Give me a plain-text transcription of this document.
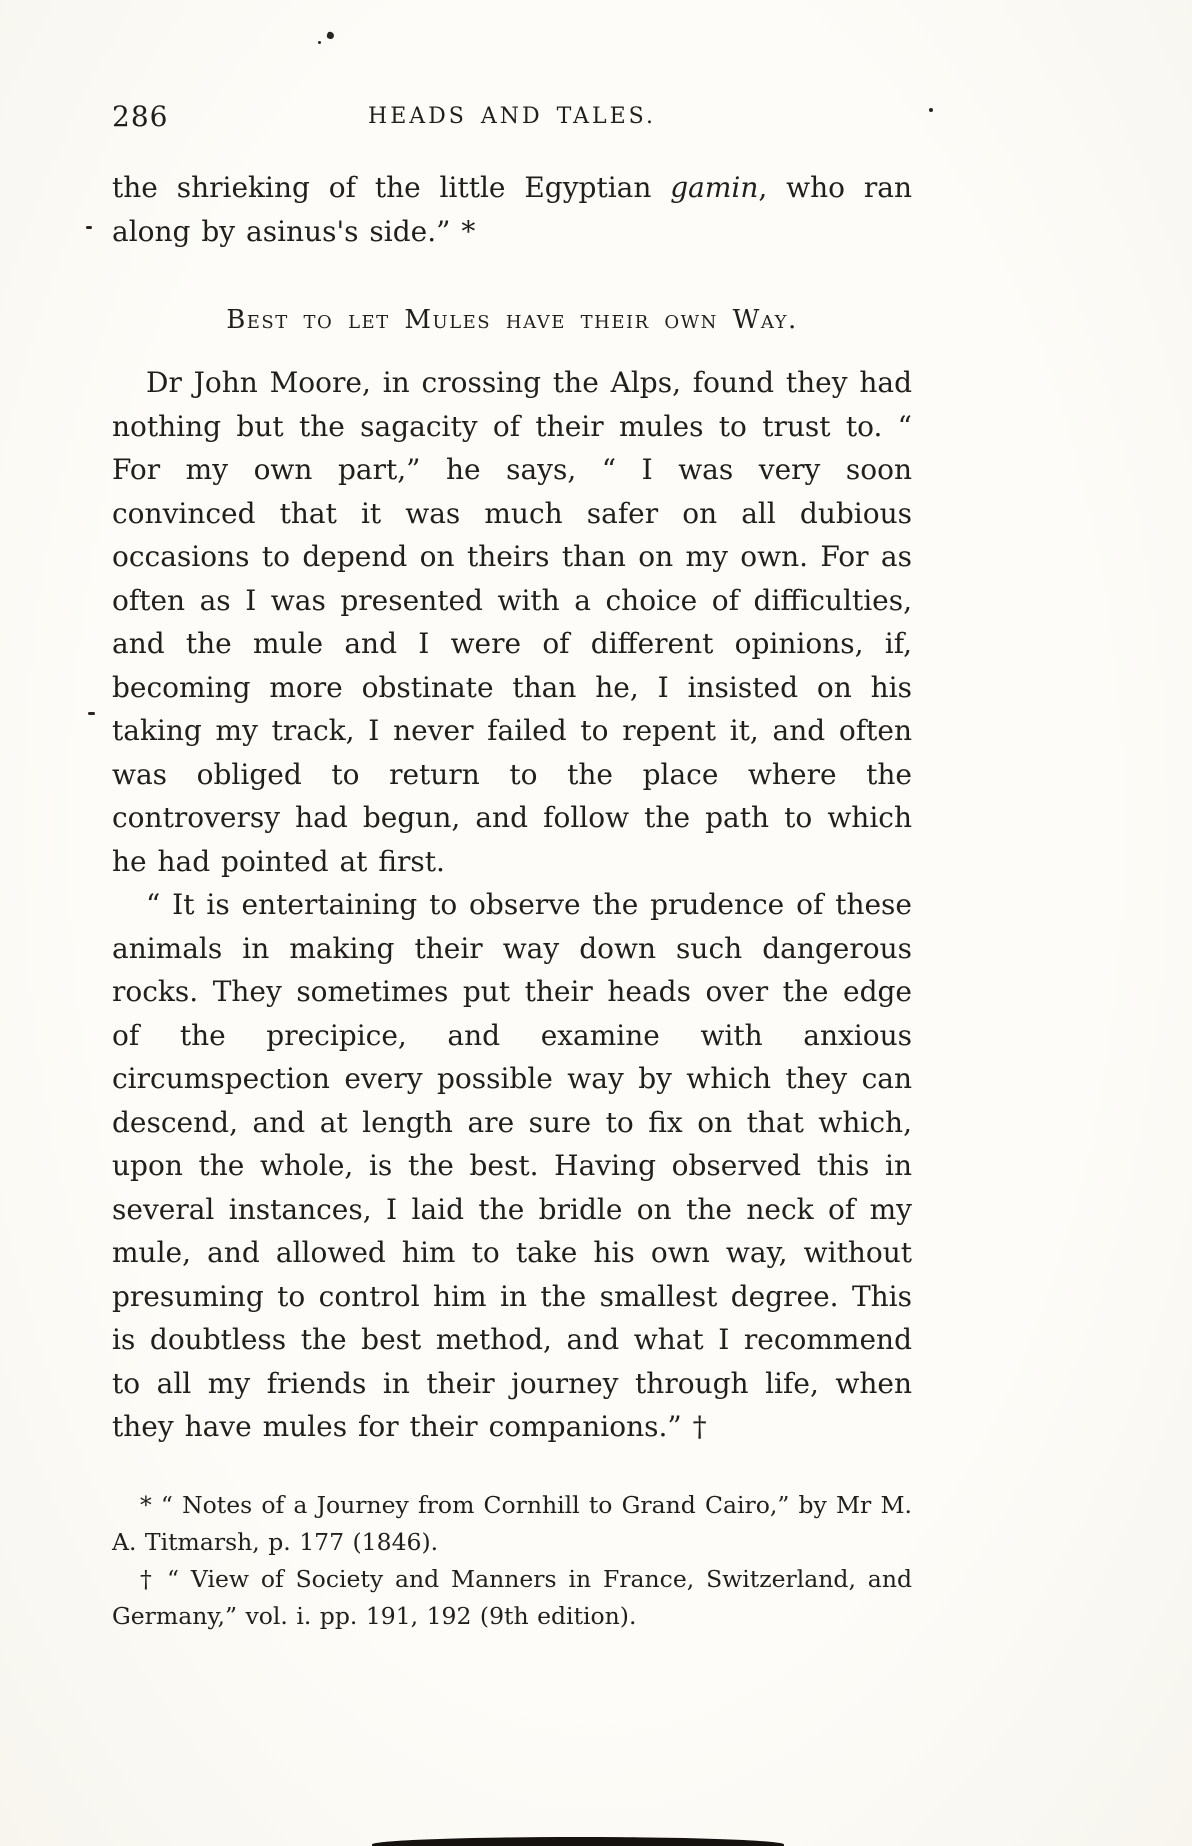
286	HEADS AND TALES.

the shrieking of the little Egyptian gamin, who ran along by asinus's side.” *

Best to let Mules have their own Way.

Dr John Moore, in crossing the Alps, found they had nothing but the sagacity of their mules to trust to. “ For my own part,” he says, “ I was very soon convinced that it was much safer on all dubious occasions to depend on theirs than on my own. For as often as I was presented with a choice of difficulties, and the mule and I were of different opinions, if, becoming more obstinate than he, I insisted on his taking my track, I never failed to repent it, and often was obliged to return to the place where the controversy had begun, and follow the path to which he had pointed at first.

“ It is entertaining to observe the prudence of these animals in making their way down such dangerous rocks. They sometimes put their heads over the edge of the precipice, and examine with anxious circumspection every possible way by which they can descend, and at length are sure to fix on that which, upon the whole, is the best. Having observed this in several instances, I laid the bridle on the neck of my mule, and allowed him to take his own way, without presuming to control him in the smallest degree. This is doubtless the best method, and what I recommend to all my friends in their journey through life, when they have mules for their companions.” †

* “ Notes of a Journey from Cornhill to Grand Cairo,” by Mr M. A. Titmarsh, p. 177 (1846).

† “ View of Society and Manners in France, Switzerland, and Germany,” vol. i. pp. 191, 192 (9th edition).
